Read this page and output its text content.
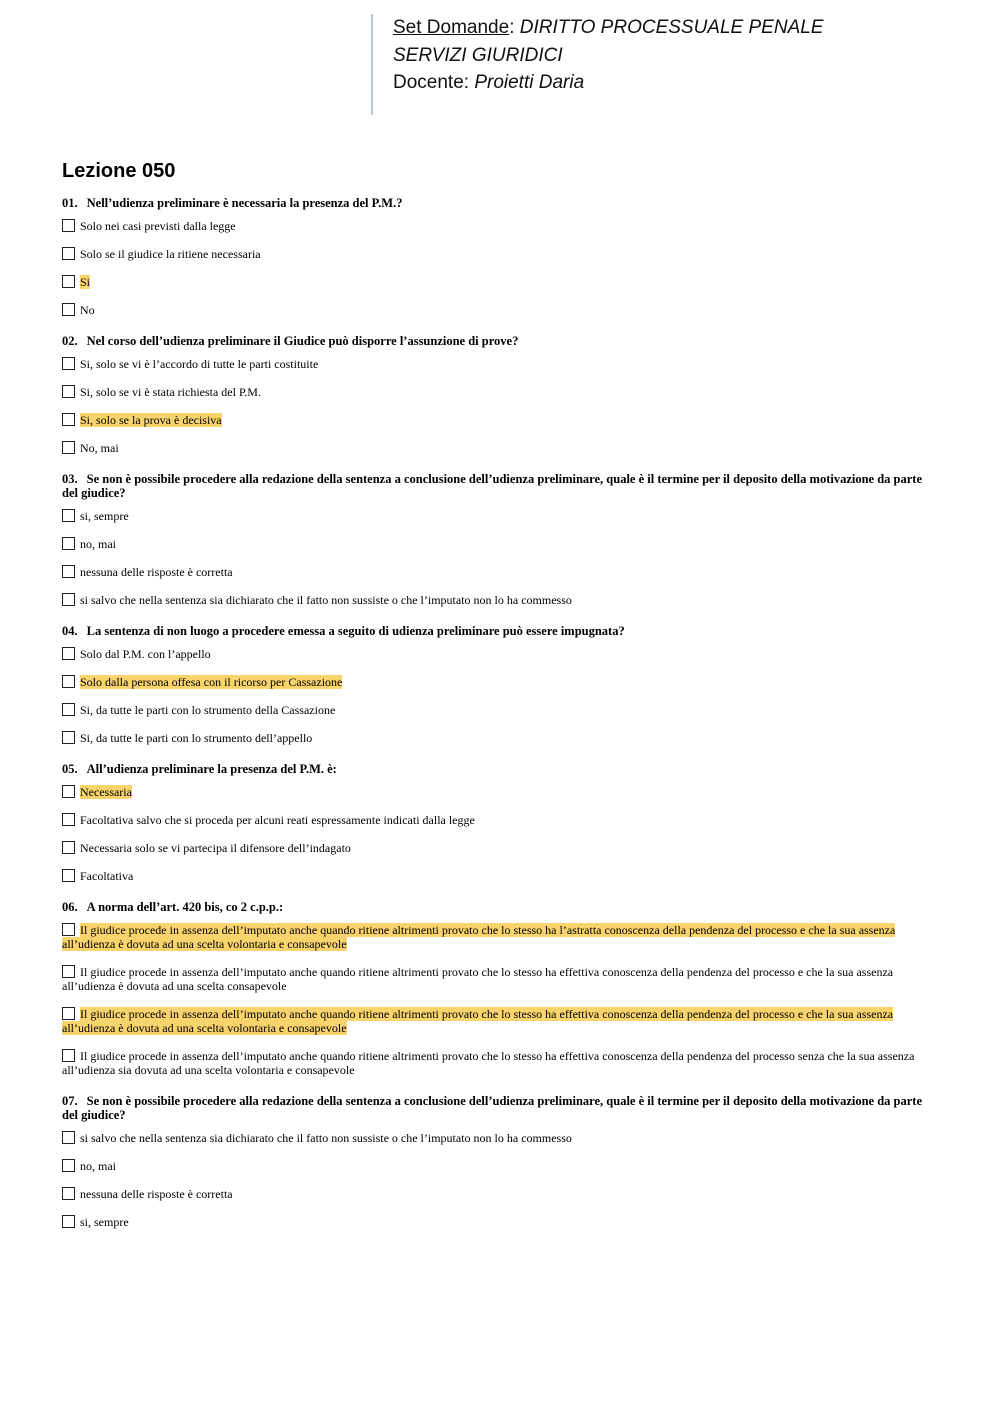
Set Domande: DIRITTO PROCESSUALE PENALE
SERVIZI GIURIDICI
Docente: Proietti Daria
Lezione 050
01. Nell’udienza preliminare è necessaria la presenza del P.M.?
Solo nei casi previsti dalla legge
Solo se il giudice la ritiene necessaria
Si
No
02. Nel corso dell’udienza preliminare il Giudice può disporre l’assunzione di prove?
Si, solo se vi è l’accordo di tutte le parti costituite
Si, solo se vi è stata richiesta del P.M.
Si, solo se la prova è decisiva
No, mai
03. Se non è possibile procedere alla redazione della sentenza a conclusione dell’udienza preliminare, quale è il termine per il deposito della motivazione da parte del giudice?
si, sempre
no, mai
nessuna delle risposte è corretta
si salvo che nella sentenza sia dichiarato che il fatto non sussiste o che l’imputato non lo ha commesso
04. La sentenza di non luogo a procedere emessa a seguito di udienza preliminare può essere impugnata?
Solo dal P.M. con l’appello
Solo dalla persona offesa con il ricorso per Cassazione
Si, da tutte le parti con lo strumento della Cassazione
Si, da tutte le parti con lo strumento dell’appello
05. All’udienza preliminare la presenza del P.M. è:
Necessaria
Facoltativa salvo che si proceda per alcuni reati espressamente indicati dalla legge
Necessaria solo se vi partecipa il difensore dell’indagato
Facoltativa
06. A norma dell’art. 420 bis, co 2 c.p.p.:
Il giudice procede in assenza dell’imputato anche quando ritiene altrimenti provato che lo stesso ha l’astratta conoscenza della pendenza del processo e che la sua assenza all’udienza è dovuta ad una scelta volontaria e consapevole
Il giudice procede in assenza dell’imputato anche quando ritiene altrimenti provato che lo stesso ha effettiva conoscenza della pendenza del processo e che la sua assenza all’udienza è dovuta ad una scelta consapevole
Il giudice procede in assenza dell’imputato anche quando ritiene altrimenti provato che lo stesso ha effettiva conoscenza della pendenza del processo e che la sua assenza all’udienza è dovuta ad una scelta volontaria e consapevole
Il giudice procede in assenza dell’imputato anche quando ritiene altrimenti provato che lo stesso ha effettiva conoscenza della pendenza del processo senza che la sua assenza all’udienza sia dovuta ad una scelta volontaria e consapevole
07. Se non è possibile procedere alla redazione della sentenza a conclusione dell’udienza preliminare, quale è il termine per il deposito della motivazione da parte del giudice?
si salvo che nella sentenza sia dichiarato che il fatto non sussiste o che l’imputato non lo ha commesso
no, mai
nessuna delle risposte è corretta
si, sempre
